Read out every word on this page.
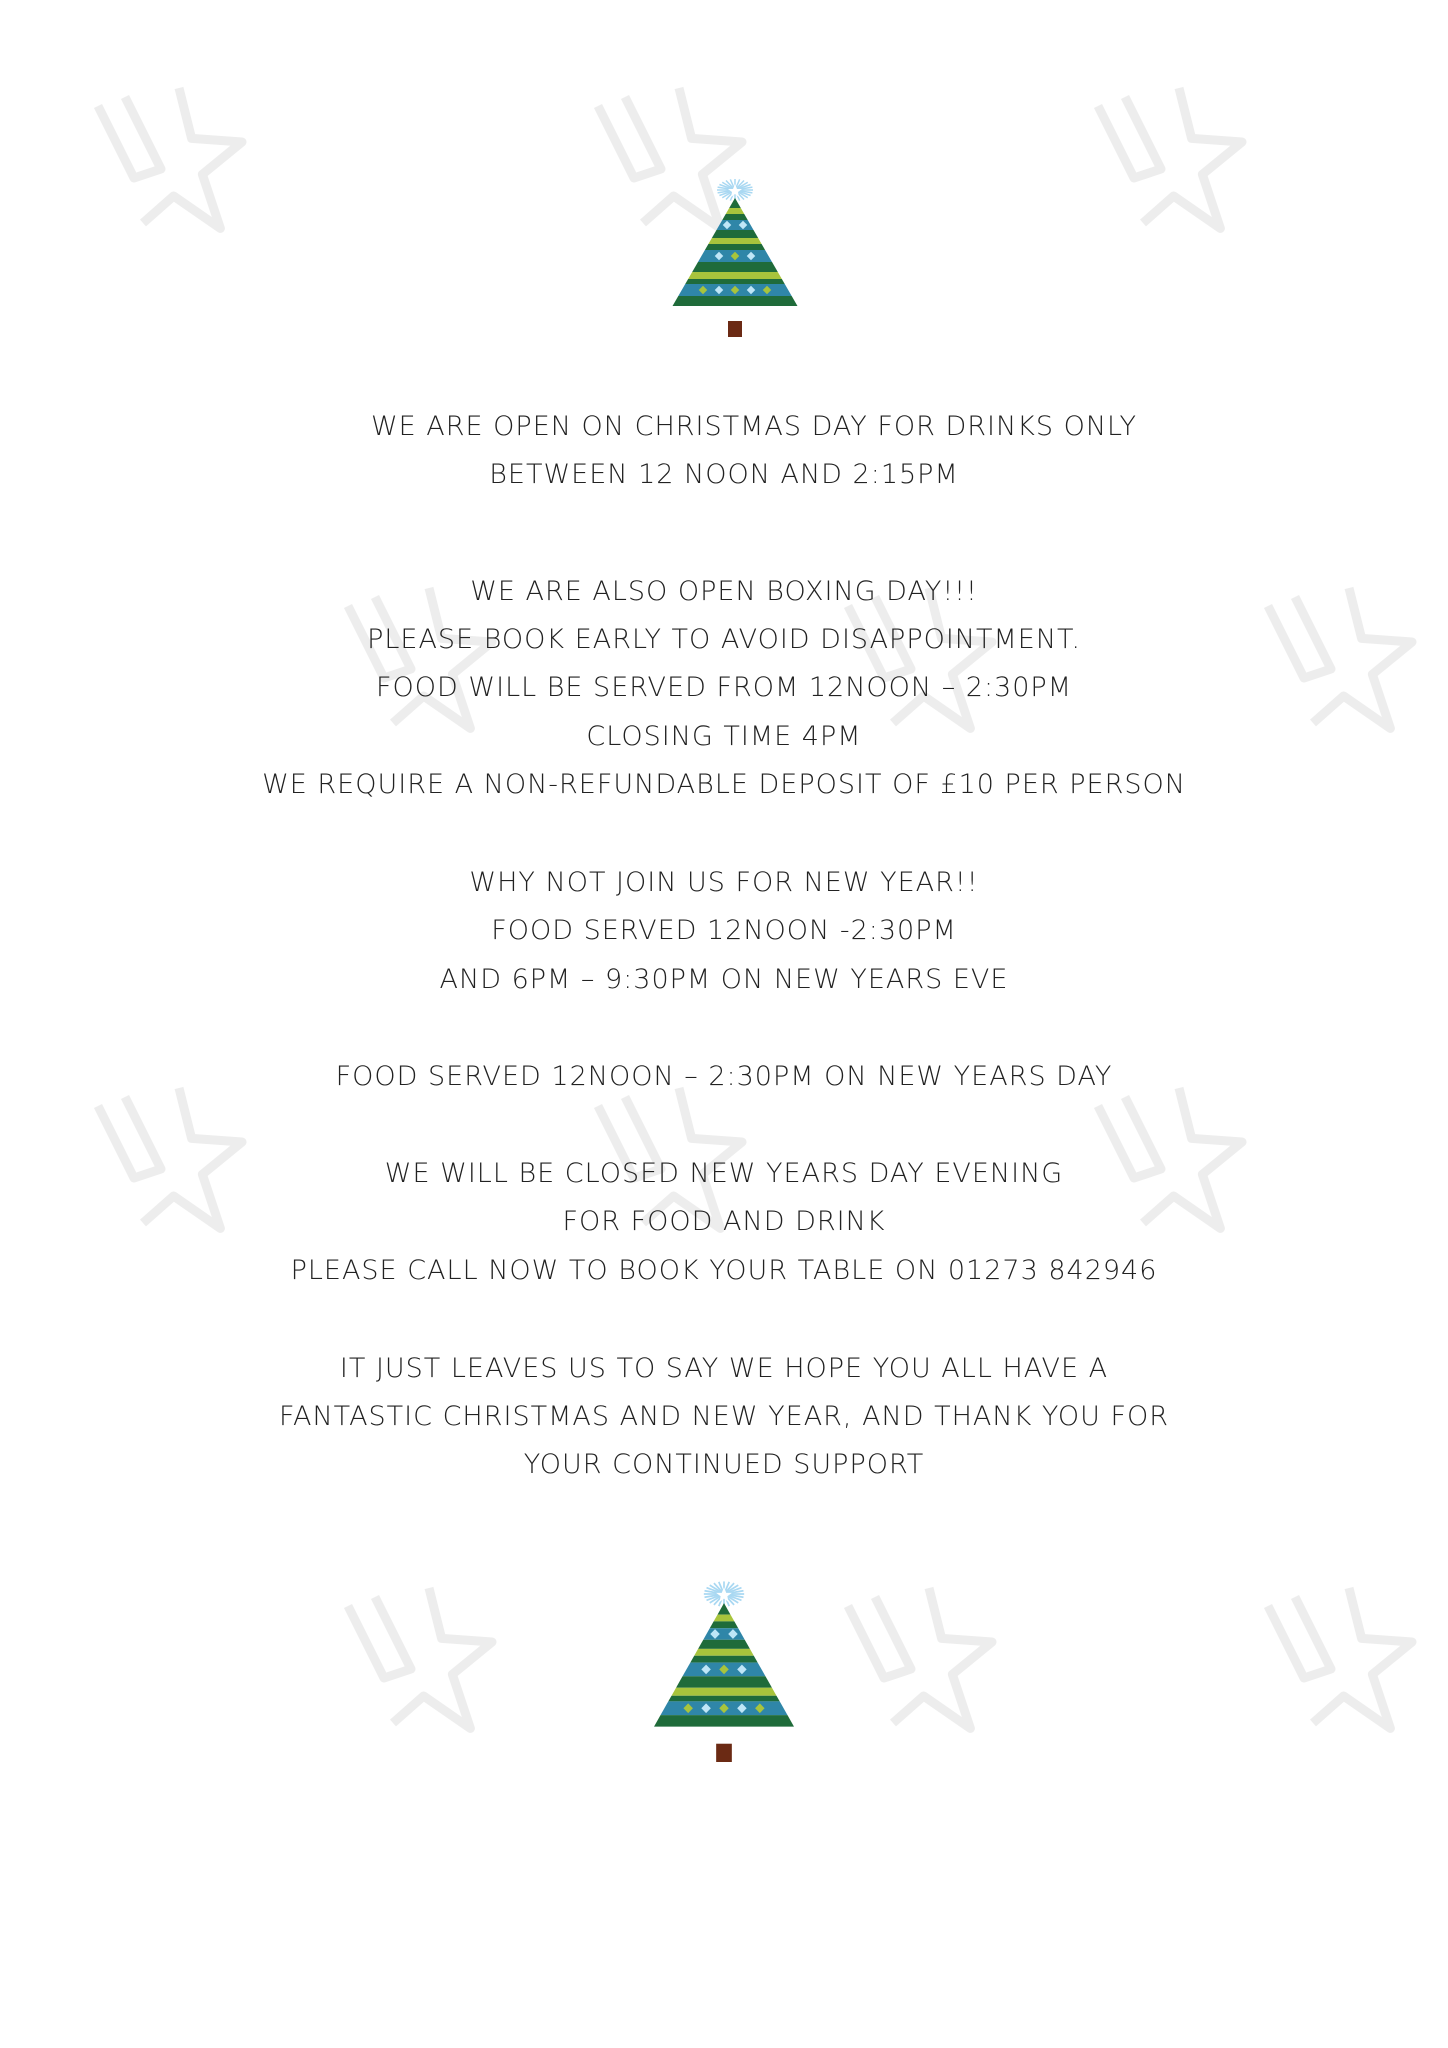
WE ARE OPEN ON CHRISTMAS DAY FOR DRINKS ONLY
BETWEEN 12 NOON AND 2:15PM
WE ARE ALSO OPEN BOXING DAY!!!
PLEASE BOOK EARLY TO AVOID DISAPPOINTMENT.
FOOD WILL BE SERVED FROM 12NOON – 2:30PM
CLOSING TIME 4PM
WE REQUIRE A NON-REFUNDABLE DEPOSIT OF £10 PER PERSON
WHY NOT JOIN US FOR NEW YEAR!!
FOOD SERVED 12NOON -2:30PM
AND 6PM – 9:30PM ON NEW YEARS EVE
FOOD SERVED 12NOON – 2:30PM ON NEW YEARS DAY
WE WILL BE CLOSED NEW YEARS DAY EVENING
FOR FOOD AND DRINK
PLEASE CALL NOW TO BOOK YOUR TABLE ON 01273 842946
IT JUST LEAVES US TO SAY WE HOPE YOU ALL HAVE A
FANTASTIC CHRISTMAS AND NEW YEAR, AND THANK YOU FOR
YOUR CONTINUED SUPPORT
